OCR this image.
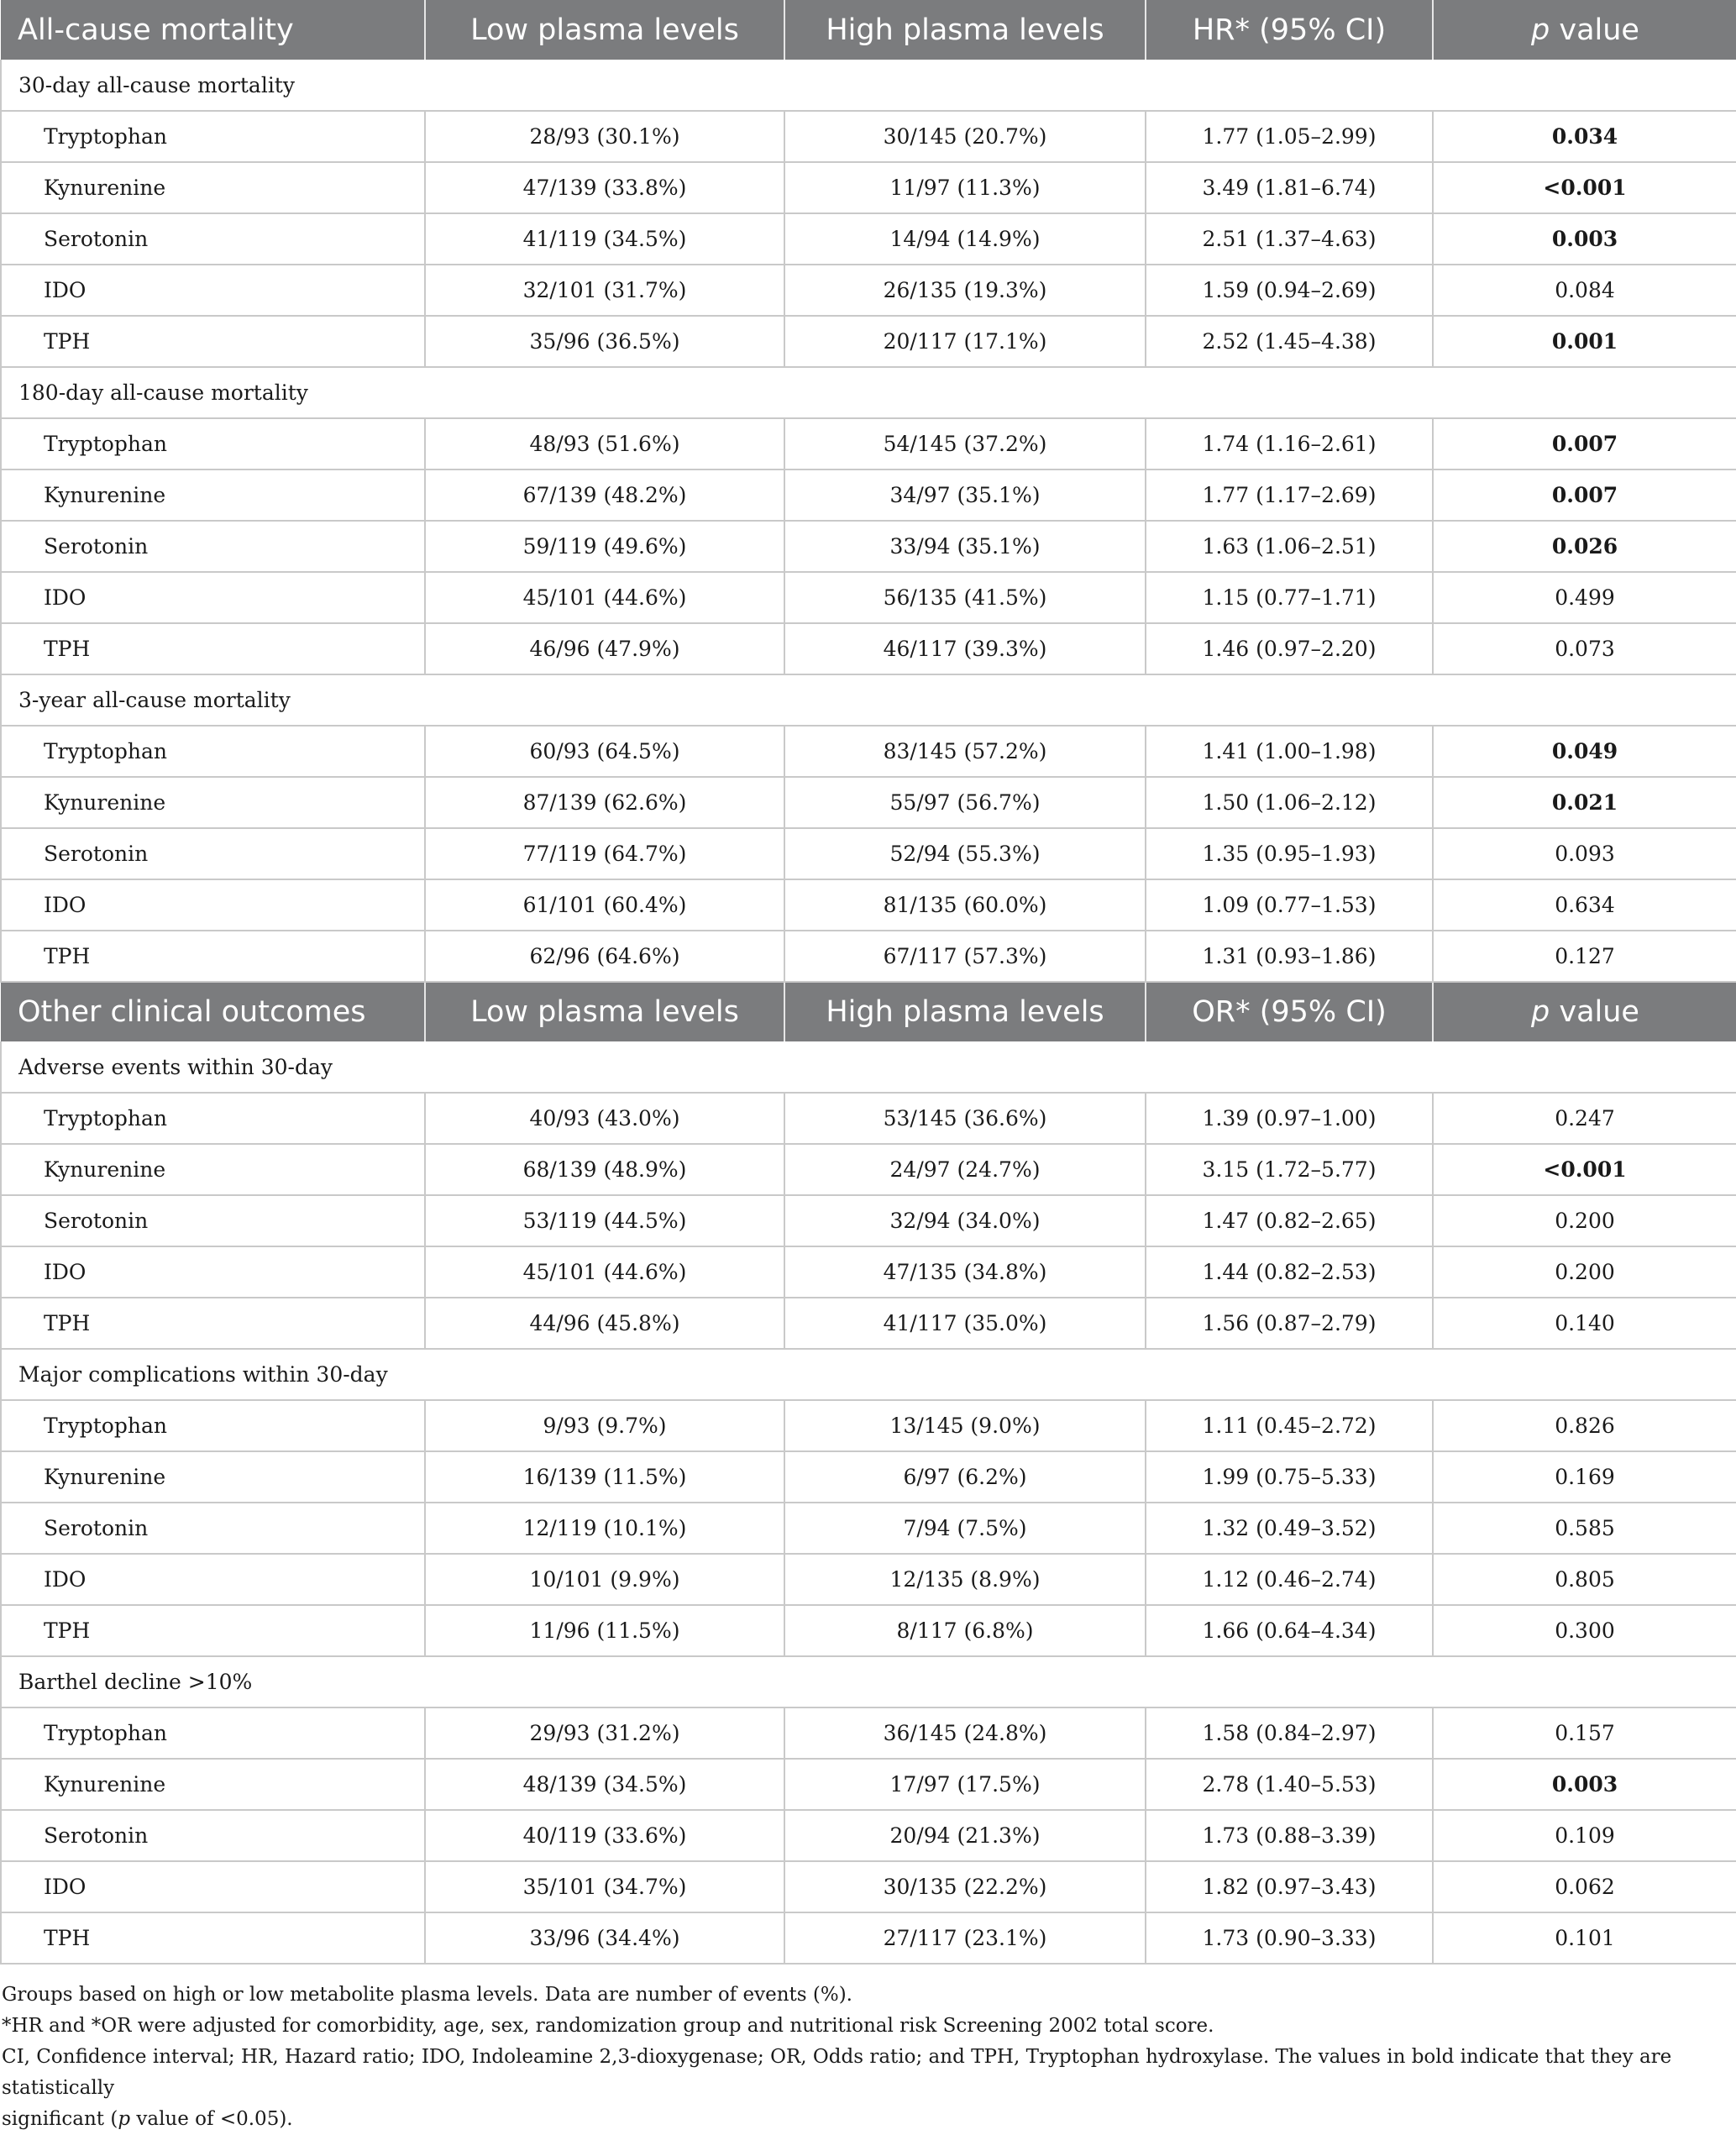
All-cause mortality	Low plasma levels	High plasma levels	HR* (95% CI)	p value
30-day all-cause mortality				
Tryptophan	28/93 (30.1%)	30/145 (20.7%)	1.77 (1.05–2.99)	0.034
Kynurenine	47/139 (33.8%)	11/97 (11.3%)	3.49 (1.81–6.74)	<0.001
Serotonin	41/119 (34.5%)	14/94 (14.9%)	2.51 (1.37–4.63)	0.003
IDO	32/101 (31.7%)	26/135 (19.3%)	1.59 (0.94–2.69)	0.084
TPH	35/96 (36.5%)	20/117 (17.1%)	2.52 (1.45–4.38)	0.001
180-day all-cause mortality				
Tryptophan	48/93 (51.6%)	54/145 (37.2%)	1.74 (1.16–2.61)	0.007
Kynurenine	67/139 (48.2%)	34/97 (35.1%)	1.77 (1.17–2.69)	0.007
Serotonin	59/119 (49.6%)	33/94 (35.1%)	1.63 (1.06–2.51)	0.026
IDO	45/101 (44.6%)	56/135 (41.5%)	1.15 (0.77–1.71)	0.499
TPH	46/96 (47.9%)	46/117 (39.3%)	1.46 (0.97–2.20)	0.073
3-year all-cause mortality				
Tryptophan	60/93 (64.5%)	83/145 (57.2%)	1.41 (1.00–1.98)	0.049
Kynurenine	87/139 (62.6%)	55/97 (56.7%)	1.50 (1.06–2.12)	0.021
Serotonin	77/119 (64.7%)	52/94 (55.3%)	1.35 (0.95–1.93)	0.093
IDO	61/101 (60.4%)	81/135 (60.0%)	1.09 (0.77–1.53)	0.634
TPH	62/96 (64.6%)	67/117 (57.3%)	1.31 (0.93–1.86)	0.127
Other clinical outcomes	Low plasma levels	High plasma levels	OR* (95% CI)	p value
Adverse events within 30-day				
Tryptophan	40/93 (43.0%)	53/145 (36.6%)	1.39 (0.97–1.00)	0.247
Kynurenine	68/139 (48.9%)	24/97 (24.7%)	3.15 (1.72–5.77)	<0.001
Serotonin	53/119 (44.5%)	32/94 (34.0%)	1.47 (0.82–2.65)	0.200
IDO	45/101 (44.6%)	47/135 (34.8%)	1.44 (0.82–2.53)	0.200
TPH	44/96 (45.8%)	41/117 (35.0%)	1.56 (0.87–2.79)	0.140
Major complications within 30-day				
Tryptophan	9/93 (9.7%)	13/145 (9.0%)	1.11 (0.45–2.72)	0.826
Kynurenine	16/139 (11.5%)	6/97 (6.2%)	1.99 (0.75–5.33)	0.169
Serotonin	12/119 (10.1%)	7/94 (7.5%)	1.32 (0.49–3.52)	0.585
IDO	10/101 (9.9%)	12/135 (8.9%)	1.12 (0.46–2.74)	0.805
TPH	11/96 (11.5%)	8/117 (6.8%)	1.66 (0.64–4.34)	0.300
Barthel decline >10%				
Tryptophan	29/93 (31.2%)	36/145 (24.8%)	1.58 (0.84–2.97)	0.157
Kynurenine	48/139 (34.5%)	17/97 (17.5%)	2.78 (1.40–5.53)	0.003
Serotonin	40/119 (33.6%)	20/94 (21.3%)	1.73 (0.88–3.39)	0.109
IDO	35/101 (34.7%)	30/135 (22.2%)	1.82 (0.97–3.43)	0.062
TPH	33/96 (34.4%)	27/117 (23.1%)	1.73 (0.90–3.33)	0.101

Groups based on high or low metabolite plasma levels. Data are number of events (%).

*HR and *OR were adjusted for comorbidity, age, sex, randomization group and nutritional risk Screening 2002 total score.

CI, Confidence interval; HR, Hazard ratio; IDO, Indoleamine 2,3-dioxygenase; OR, Odds ratio; and TPH, Tryptophan hydroxylase. The values in bold indicate that they are statistically

significant (p value of <0.05).
